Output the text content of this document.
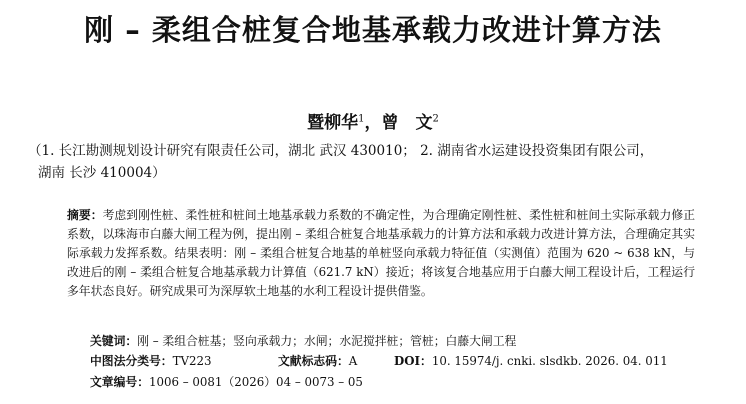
刚 – 柔组合桩复合地基承载力改进计算方法
暨柳华$^1$，曾　文$^2$
（1. 长江勘测规划设计研究有限责任公司，湖北 武汉 430010； 2. 湖南省水运建设投资集团有限公司，
湖南 长沙 410004）
摘要：考虑到刚性桩、柔性桩和桩间土地基承载力系数的不确定性，为合理确定刚性桩、柔性桩和桩间土实际承载力修正系数，以珠海市白藤大闸工程为例，提出刚 – 柔组合桩复合地基承载力的计算方法和承载力改进计算方法，合理确定其实际承载力发挥系数。结果表明：刚 – 柔组合桩复合地基的单桩竖向承载力特征值（实测值）范围为 620 ~ 638 kN，与改进后的刚 – 柔组合桩复合地基承载力计算值（621.7 kN）接近；将该复合地基应用于白藤大闸工程设计后，工程运行多年状态良好。研究成果可为深厚软土地基的水利工程设计提供借鉴。
关键词：刚 – 柔组合桩基；竖向承载力；水闸；水泥搅拌桩；管桩；白藤大闸工程
中图法分类号：TV223	文献标志码：A	DOI：10. 15974/j. cnki. slsdkb. 2026. 04. 011
文章编号：1006 – 0081（2026）04 – 0073 – 05
